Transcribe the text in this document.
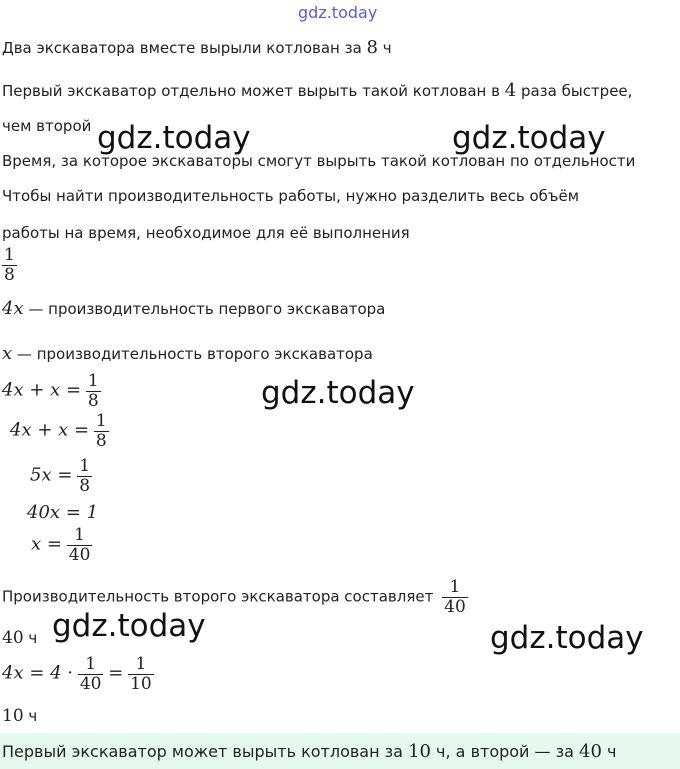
gdz.today
Два экскаватора вместе вырыли котлован за 8 ч
Первый экскаватор отдельно может вырыть такой котлован в 4 раза быстрее,
чем второй gdz.today	gdz.today
Время, за которое экскаваторы смогут вырыть такой котлован по отдельности
Чтобы найти производительность работы, нужно разделить весь объём
работы на время, необходимое для её выполнения
$\frac{1}{8}$
4x — производительность первого экскаватора
x — производительность второго экскаватора
$4x + x = \frac{1}{8}$	gdz.today
$4x + x = \frac{1}{8}$
$5x = \frac{1}{8}$
40x = 1
$x = \frac{1}{40}$
Производительность второго экскаватора составляет $\frac{1}{40}$
40 ч gdz.today	gdz.today
$4x = 4 \cdot \frac{1}{40} = \frac{1}{10}$
10 ч
Первый экскаватор может вырыть котлован за 10 ч, а второй — за 40 ч
